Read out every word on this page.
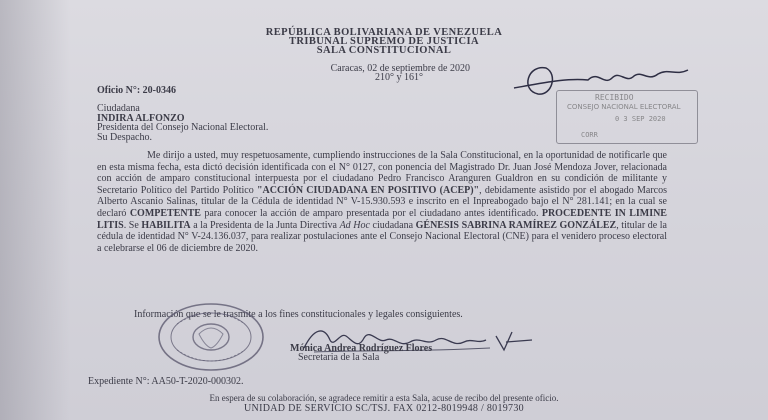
REPÚBLICA BOLIVARIANA DE VENEZUELA
TRIBUNAL SUPREMO DE JUSTICIA
SALA CONSTITUCIONAL
Caracas, 02 de septiembre de 2020
210° y 161°
Oficio N°: 20-0346
Ciudadana
INDIRA ALFONZO
Presidenta del Consejo Nacional Electoral.
Su Despacho.

Me dirijo a usted, muy respetuosamente, cumpliendo instrucciones de la Sala Constitucional, en la oportunidad de notificarle que en esta misma fecha, esta dictó decisión identificada con el N° 0127, con ponencia del Magistrado Dr. Juan José Mendoza Jover, relacionada con acción de amparo constitucional interpuesta por el ciudadano Pedro Francisco Aranguren Gualdron en su condición de militante y Secretario Político del Partido Político "ACCIÓN CIUDADANA EN POSITIVO (ACEP)", debidamente asistido por el abogado Marcos Alberto Ascanio Salinas, titular de la Cédula de identidad N° V-15.930.593 e inscrito en el Inpreabogado bajo el N° 281.141; en la cual se declaró COMPETENTE para conocer la acción de amparo presentada por el ciudadano antes identificado. PROCEDENTE IN LIMINE LITIS. Se HABILITA a la Presidenta de la Junta Directiva Ad Hoc ciudadana GÉNESIS SABRINA RAMÍREZ GONZÁLEZ, titular de la cédula de identidad N° V-24.136.037, para realizar postulaciones ante el Consejo Nacional Electoral (CNE) para el venidero proceso electoral a celebrarse el 06 de diciembre de 2020.

Información que se le trasmite a los fines constitucionales y legales consiguientes.
Mónica Andrea Rodríguez Flores
Secretaria de la Sala
Expediente N°: AA50-T-2020-000302.
En espera de su colaboración, se agradece remitir a esta Sala, acuse de recibo del presente oficio.
UNIDAD DE SERVICIO SC/TSJ. FAX 0212-8019948 / 8019730
RECIBIDO
CONSEJO NACIONAL ELECTORAL
0 3 SEP 2020
CORR
